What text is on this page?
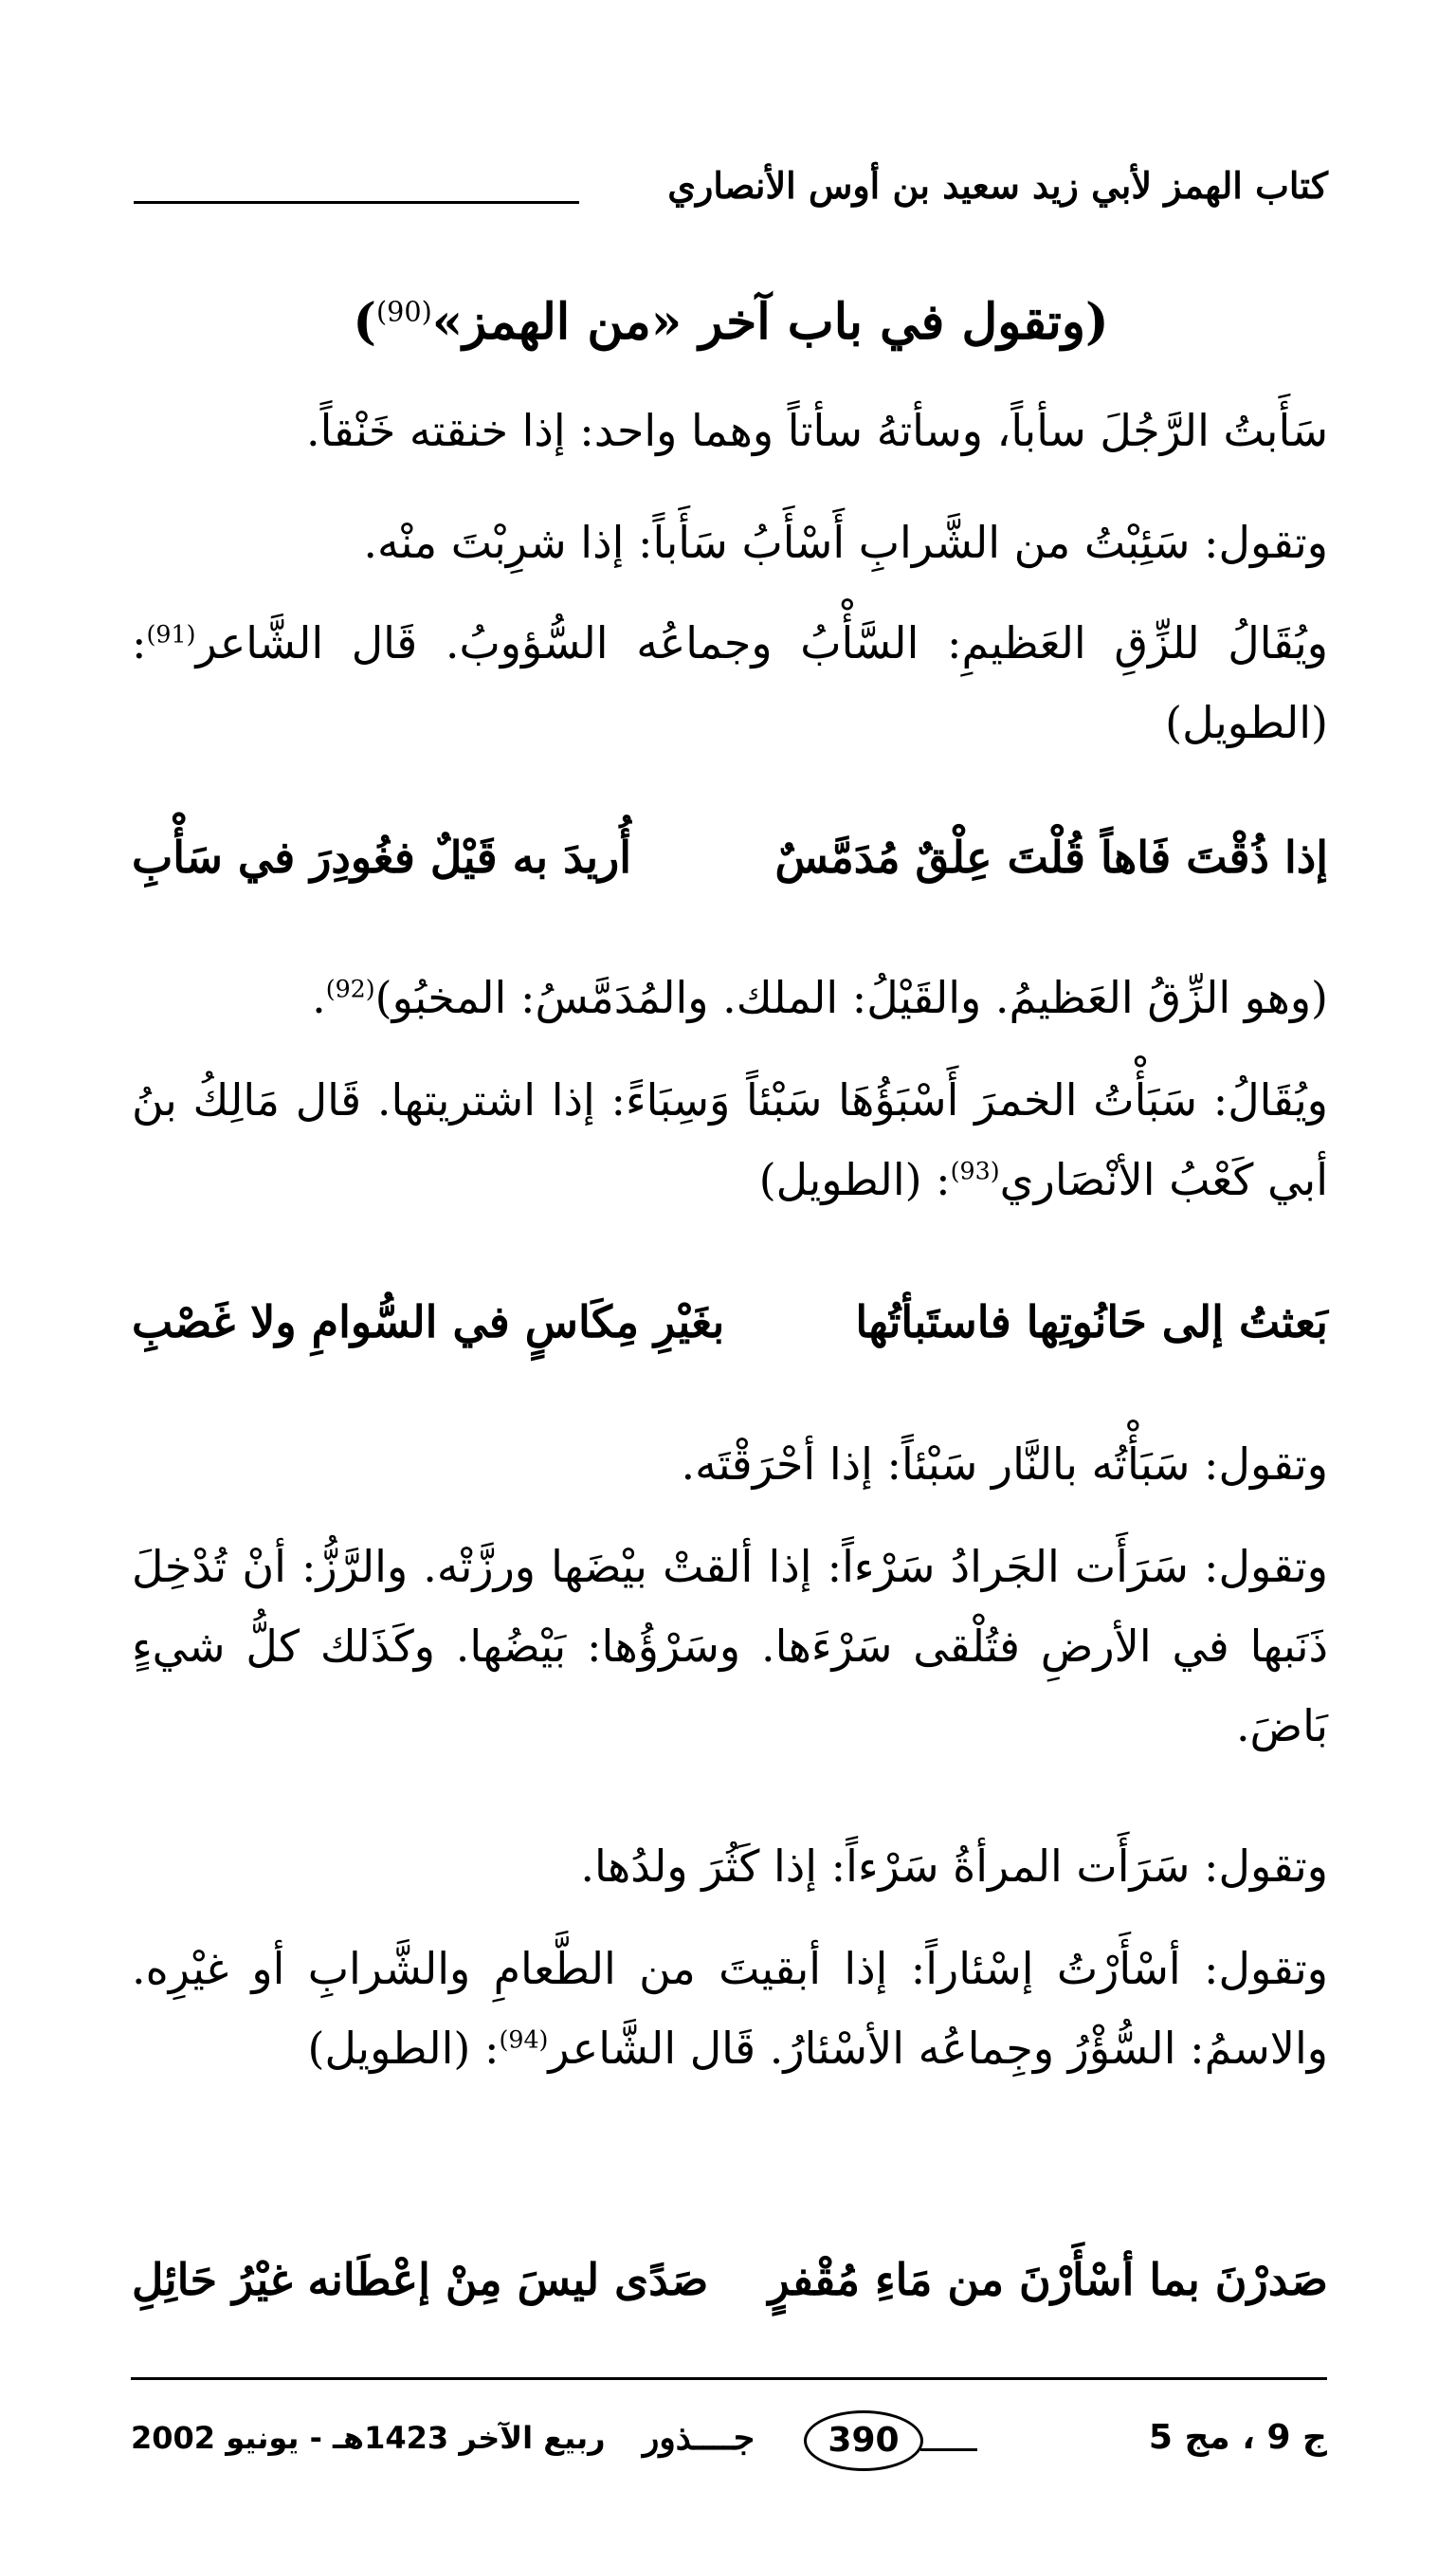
كتاب الهمز لأبي زيد سعيد بن أوس الأنصاري
(وتقول في باب آخر «من الهمز»$^{(90)}$)
سَأَبتُ الرَّجُلَ سأباً، وسأتهُ سأتاً وهما واحد: إذا خنقته خَنْقاً.
وتقول: سَئِبْتُ من الشَّرابِ أَسْأَبُ سَأَباً: إذا شرِبْتَ منْه.
ويُقَالُ للزِّقِ العَظيمِ: السَّأْبُ وجماعُه السُّؤوبُ. قَال الشَّاعر$^{(91)}$: (الطويل)
إذا ذُقْتَ فَاهاً قُلْتَ عِلْقٌ مُدَمَّسٌ
أُريدَ به قَيْلٌ فغُودِرَ في سَأْبِ
(وهو الزِّقُ العَظيمُ. والقَيْلُ: الملك. والمُدَمَّسُ: المخبُو)$^{(92)}$.
ويُقَالُ: سَبَأْتُ الخمرَ أَسْبَؤُهَا سَبْئاً وَسِبَاءً: إذا اشتريتها. قَال مَالِكُ بنُ أبي كَعْبُ الأنْصَاري$^{(93)}$: (الطويل)
بَعثتُ إلى حَانُوتِها فاستَبأتُها
بغَيْرِ مِكَاسٍ في السُّوامِ ولا غَصْبِ
وتقول: سَبَأْتُه بالنَّار سَبْئاً: إذا أحْرَقْتَه.
وتقول: سَرَأَت الجَرادُ سَرْءاً: إذا ألقتْ بيْضَها ورزَّتْه. والرَّزُّ: أنْ تُدْخِلَ ذَنَبها في الأرضِ فتُلْقى سَرْءَها. وسَرْؤُها: بَيْضُها. وكَذَلك كلُّ شيءٍ بَاضَ.
وتقول: سَرَأَت المرأةُ سَرْءاً: إذا كَثُرَ ولدُها.
وتقول: أسْأَرْتُ إسْئاراً: إذا أبقيتَ من الطَّعامِ والشَّرابِ أو غيْرِه. والاسمُ: السُّؤْرُ وجِماعُه الأسْئارُ. قَال الشَّاعر$^{(94)}$: (الطويل)
صَدرْنَ بما أسْأَرْنَ من مَاءِ مُقْفرٍ
صَدًى ليسَ مِنْ إعْطَانه غيْرُ حَائِلِ
ج 9 ، مج 5
جــــذور	390
ربيع الآخر 1423هـ - يونيو 2002
